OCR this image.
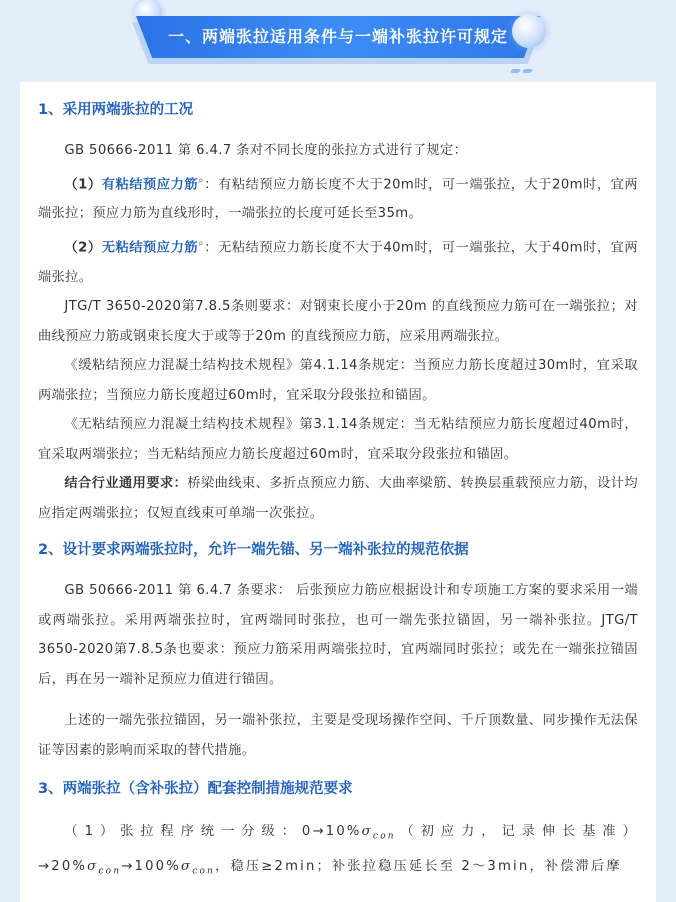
一、两端张拉适用条件与一端补张拉许可规定
1、采用两端张拉的工况

GB 50666-2011 第 6.4.7 条对不同长度的张拉方式进行了规定：

（1）有粘结预应力筋⌕：有粘结预应力筋长度不大于20m时，可一端张拉，大于20m时，宜两端张拉；预应力筋为直线形时，一端张拉的长度可延长至35m。

（2）无粘结预应力筋⌕：无粘结预应力筋长度不大于40m时，可一端张拉，大于40m时，宜两端张拉。

JTG/T 3650-2020第7.8.5条则要求：对钢束长度小于20m 的直线预应力筋可在一端张拉；对曲线预应力筋或钢束长度大于或等于20m 的直线预应力筋，应采用两端张拉。

《缓粘结预应力混凝土结构技术规程》第4.1.14条规定：当预应力筋长度超过30m时，宜采取两端张拉；当预应力筋长度超过60m时，宜采取分段张拉和锚固。

《无粘结预应力混凝土结构技术规程》第3.1.14条规定：当无粘结预应力筋长度超过40m时，宜采取两端张拉；当无粘结预应力筋长度超过60m时，宜采取分段张拉和锚固。

结合行业通用要求：桥梁曲线束、多折点预应力筋、大曲率梁筋、转换层重载预应力筋，设计均应指定两端张拉；仅短直线束可单端一次张拉。

2、设计要求两端张拉时，允许一端先锚、另一端补张拉的规范依据

GB 50666-2011 第 6.4.7 条要求： 后张预应力筋应根据设计和专项施工方案的要求采用一端或两端张拉。采用两端张拉时，宜两端同时张拉，也可一端先张拉锚固，另一端补张拉。JTG/T 3650-2020第7.8.5条也要求：预应力筋采用两端张拉时，宜两端同时张拉；或先在一端张拉锚固后，再在另一端补足预应力值进行锚固。

上述的一端先张拉锚固，另一端补张拉，主要是受现场操作空间、千斤顶数量、同步操作无法保证等因素的影响而采取的替代措施。

3、两端张拉（含补张拉）配套控制措施规范要求

（1）张拉程序统一分级：$0\to 10\%\sigma_{con}$（初应力，记录伸长基准）$\to 20\%\sigma_{con}\to 100\%\sigma_{con}$，稳压≥2min；补张拉稳压延长至 2～3min，补偿滞后摩
